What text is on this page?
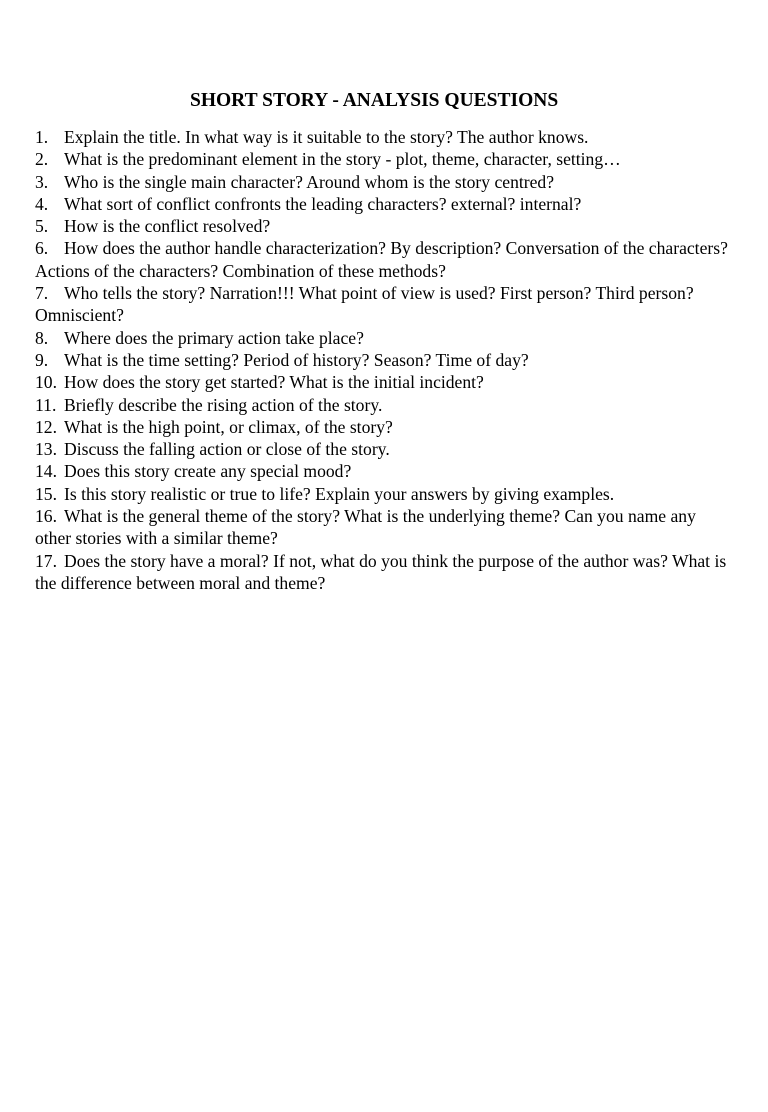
SHORT STORY - ANALYSIS QUESTIONS
1. Explain the title. In what way is it suitable to the story? The author knows.
2. What is the predominant element in the story - plot, theme, character, setting…
3. Who is the single main character? Around whom is the story centred?
4. What sort of conflict confronts the leading characters? external? internal?
5. How is the conflict resolved?
6. How does the author handle characterization? By description? Conversation of the characters? Actions of the characters? Combination of these methods?
7. Who tells the story? Narration!!! What point of view is used? First person? Third person? Omniscient?
8. Where does the primary action take place?
9. What is the time setting? Period of history? Season? Time of day?
10. How does the story get started? What is the initial incident?
11. Briefly describe the rising action of the story.
12. What is the high point, or climax, of the story?
13. Discuss the falling action or close of the story.
14. Does this story create any special mood?
15. Is this story realistic or true to life? Explain your answers by giving examples.
16. What is the general theme of the story? What is the underlying theme? Can you name any other stories with a similar theme?
17. Does the story have a moral? If not, what do you think the purpose of the author was? What is the difference between moral and theme?
